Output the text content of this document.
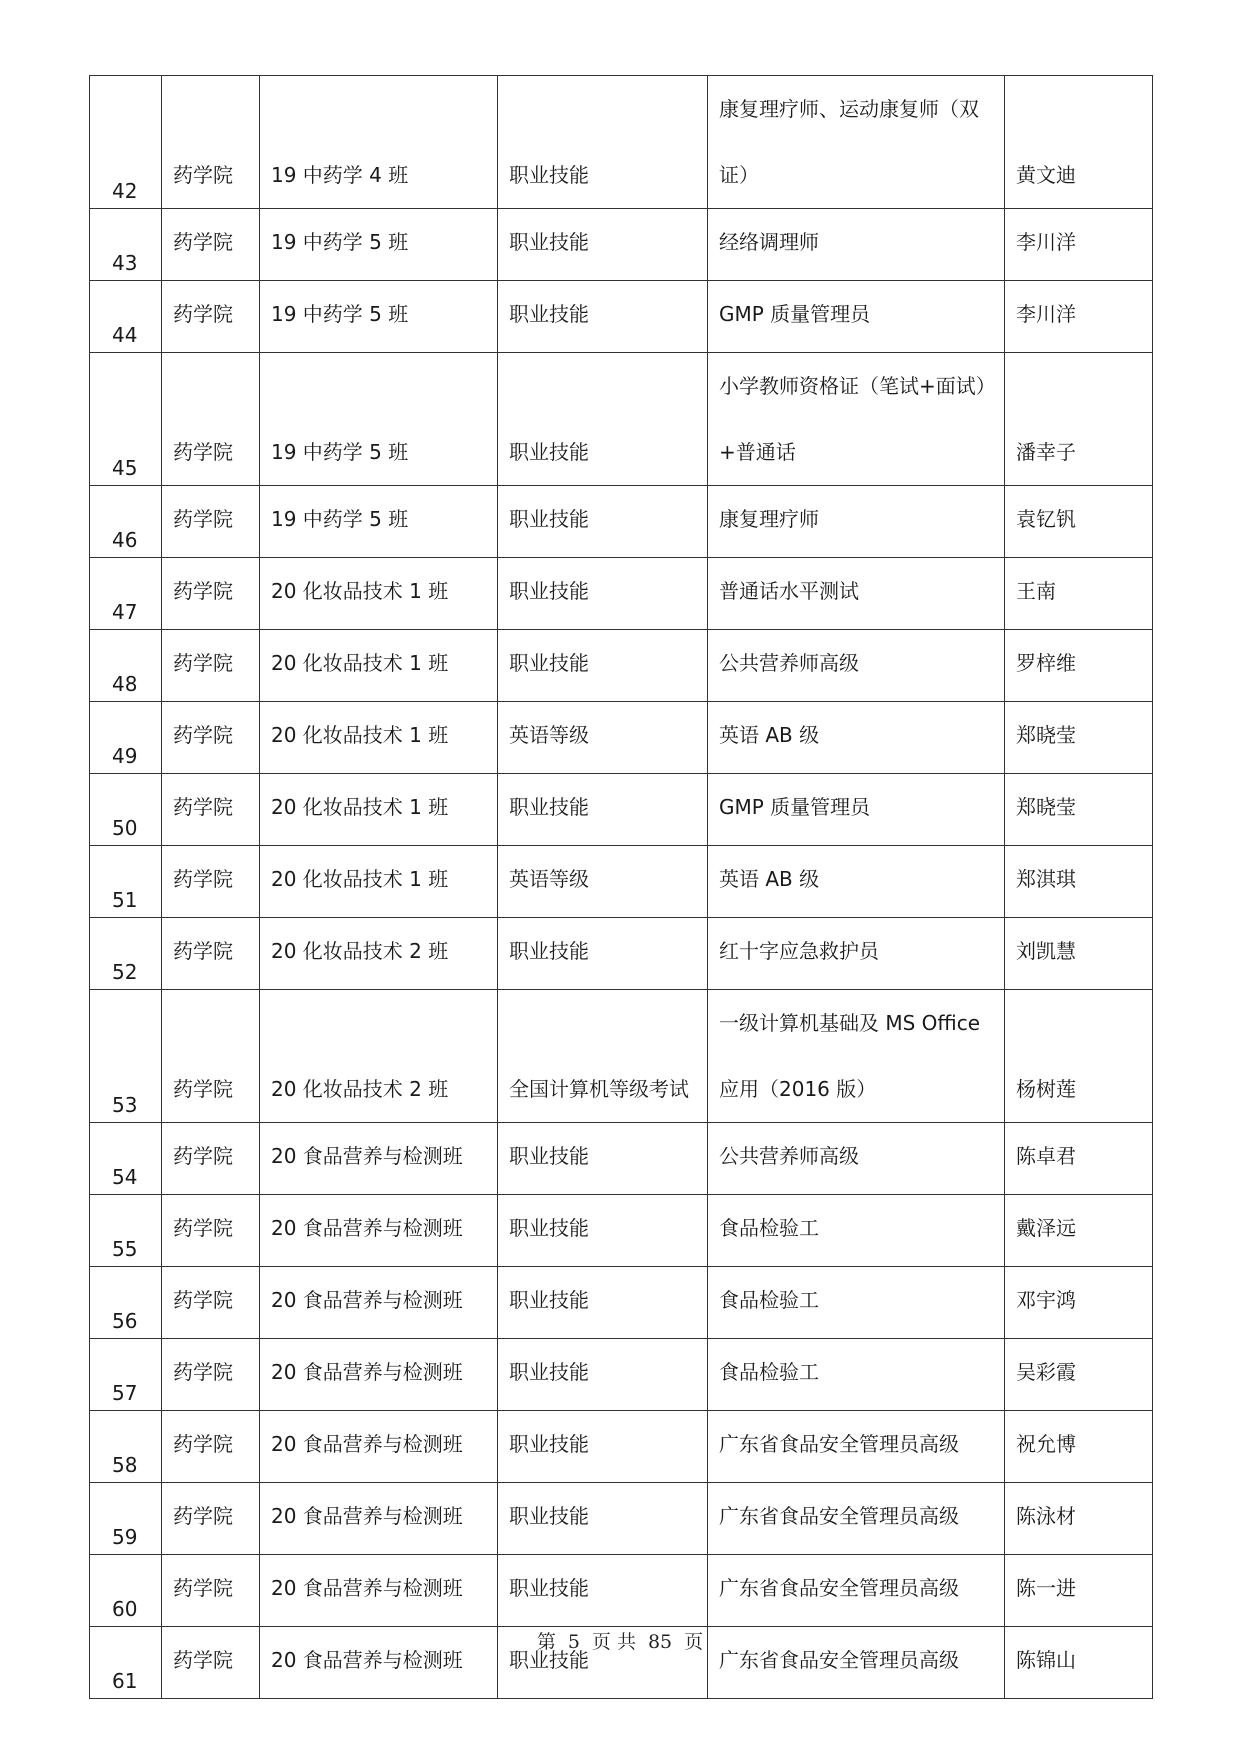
42	药学院	19 中药学 4 班	职业技能	康复理疗师、运动康复师（双证）	黄文迪
43	药学院	19 中药学 5 班	职业技能	经络调理师	李川洋
44	药学院	19 中药学 5 班	职业技能	GMP 质量管理员	李川洋
45	药学院	19 中药学 5 班	职业技能	小学教师资格证（笔试+面试）+普通话	潘幸子
46	药学院	19 中药学 5 班	职业技能	康复理疗师	袁钇钒
47	药学院	20 化妆品技术 1 班	职业技能	普通话水平测试	王南
48	药学院	20 化妆品技术 1 班	职业技能	公共营养师高级	罗梓维
49	药学院	20 化妆品技术 1 班	英语等级	英语 AB 级	郑晓莹
50	药学院	20 化妆品技术 1 班	职业技能	GMP 质量管理员	郑晓莹
51	药学院	20 化妆品技术 1 班	英语等级	英语 AB 级	郑淇琪
52	药学院	20 化妆品技术 2 班	职业技能	红十字应急救护员	刘凯慧
53	药学院	20 化妆品技术 2 班	全国计算机等级考试	一级计算机基础及 MS Office 应用（2016 版）	杨树莲
54	药学院	20 食品营养与检测班	职业技能	公共营养师高级	陈卓君
55	药学院	20 食品营养与检测班	职业技能	食品检验工	戴泽远
56	药学院	20 食品营养与检测班	职业技能	食品检验工	邓宇鸿
57	药学院	20 食品营养与检测班	职业技能	食品检验工	吴彩霞
58	药学院	20 食品营养与检测班	职业技能	广东省食品安全管理员高级	祝允博
59	药学院	20 食品营养与检测班	职业技能	广东省食品安全管理员高级	陈泳材
60	药学院	20 食品营养与检测班	职业技能	广东省食品安全管理员高级	陈一进
61	药学院	20 食品营养与检测班	职业技能	广东省食品安全管理员高级	陈锦山
第 5 页 共 85 页
